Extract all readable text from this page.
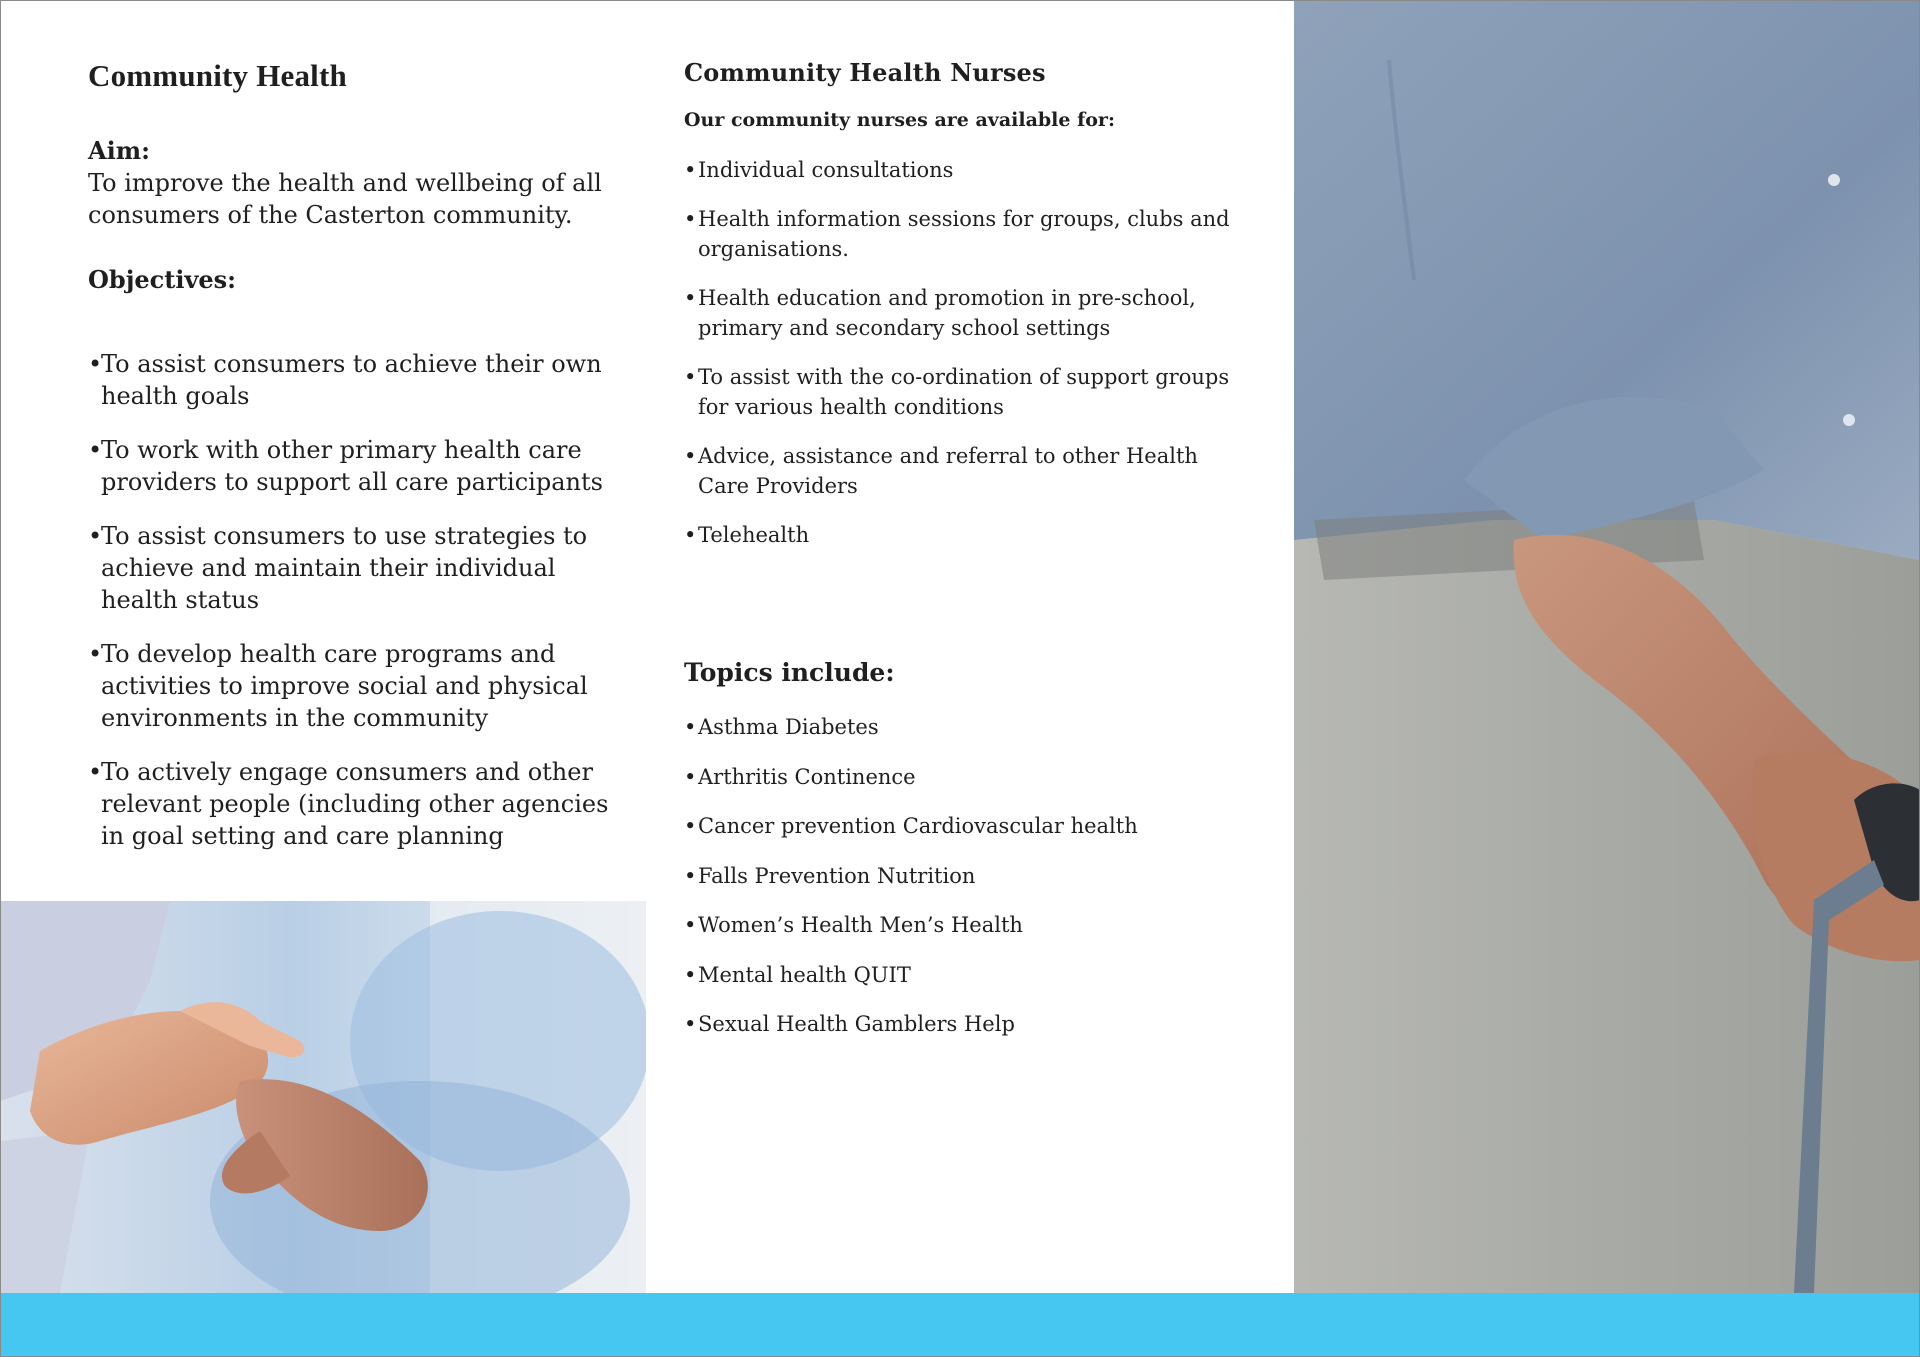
Community Health
Aim:

To improve the health and wellbeing of all consumers of the Casterton community.

Objectives:
• To assist consumers to achieve their own health goals
• To work with other primary health care providers to support all care participants
• To assist consumers to use strategies to achieve and maintain their individual health status
• To develop health care programs and activities to improve social and physical environments in the community
• To actively engage consumers and other relevant people (including other agencies in goal setting and care planning
Community Health Nurses
Our community nurses are available for:
• Individual consultations
• Health information sessions for groups, clubs and organisations.
• Health education and promotion in pre-school, primary and secondary school settings
• To assist with the co-ordination of support groups for various health conditions
• Advice, assistance and referral to other Health Care Providers
• Telehealth
Topics include:
• Asthma Diabetes
• Arthritis Continence
• Cancer prevention Cardiovascular health
• Falls Prevention Nutrition
• Women’s Health Men’s Health
• Mental health QUIT
• Sexual Health Gamblers Help
